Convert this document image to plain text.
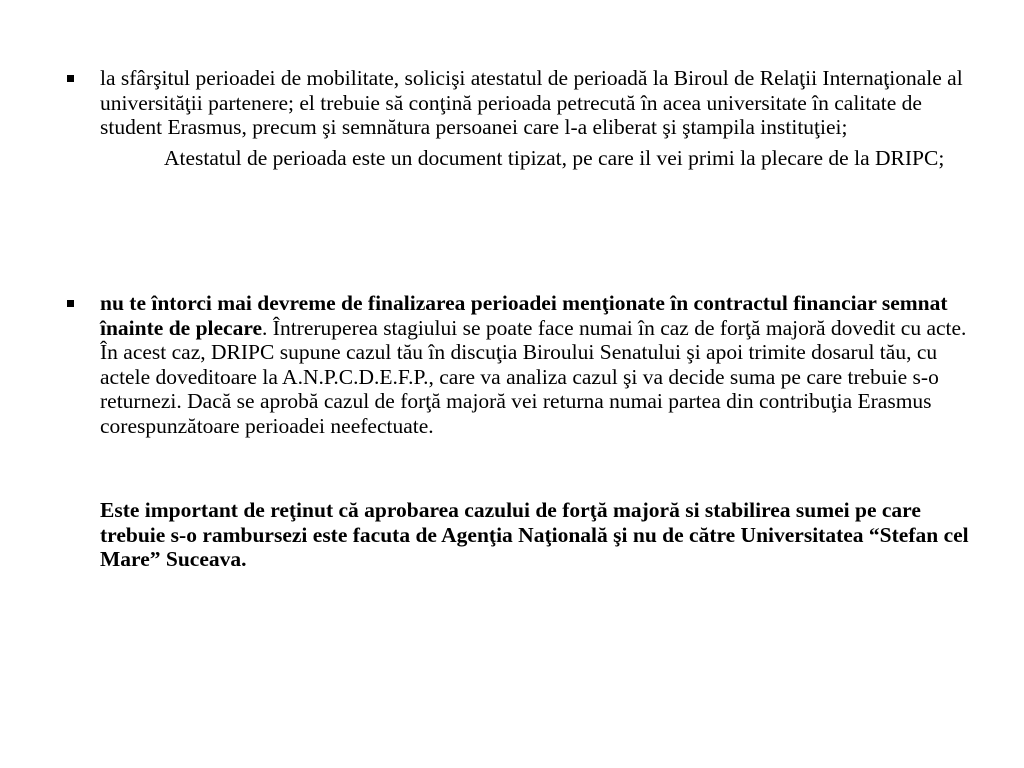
la sfârşitul perioadei de mobilitate, solicişi atestatul de perioadă la Biroul de Relaţii Internaţionale al universităţii partenere; el trebuie să conţină perioada petrecută în acea universitate în calitate de student Erasmus, precum şi semnătura persoanei care l-a eliberat şi ştampila instituţiei;

Atestatul de perioada este un document tipizat, pe care il vei primi la plecare de la DRIPC;

nu te întorci mai devreme de finalizarea perioadei menţionate în contractul financiar semnat înainte de plecare. Întreruperea stagiului se poate face numai în caz de forţă majoră dovedit cu acte. În acest caz, DRIPC supune cazul tău în discuţia Biroului Senatului şi apoi trimite dosarul tău, cu actele doveditoare la A.N.P.C.D.E.F.P., care va analiza cazul şi va decide suma pe care trebuie s-o returnezi. Dacă se aprobă cazul de forţă majoră vei returna numai partea din contribuţia Erasmus corespunzătoare perioadei neefectuate.

Este important de reţinut că aprobarea cazului de forţă majoră si stabilirea sumei pe care trebuie s-o rambursezi este facuta de Agenţia Naţională şi nu de către Universitatea “Stefan cel Mare” Suceava.
